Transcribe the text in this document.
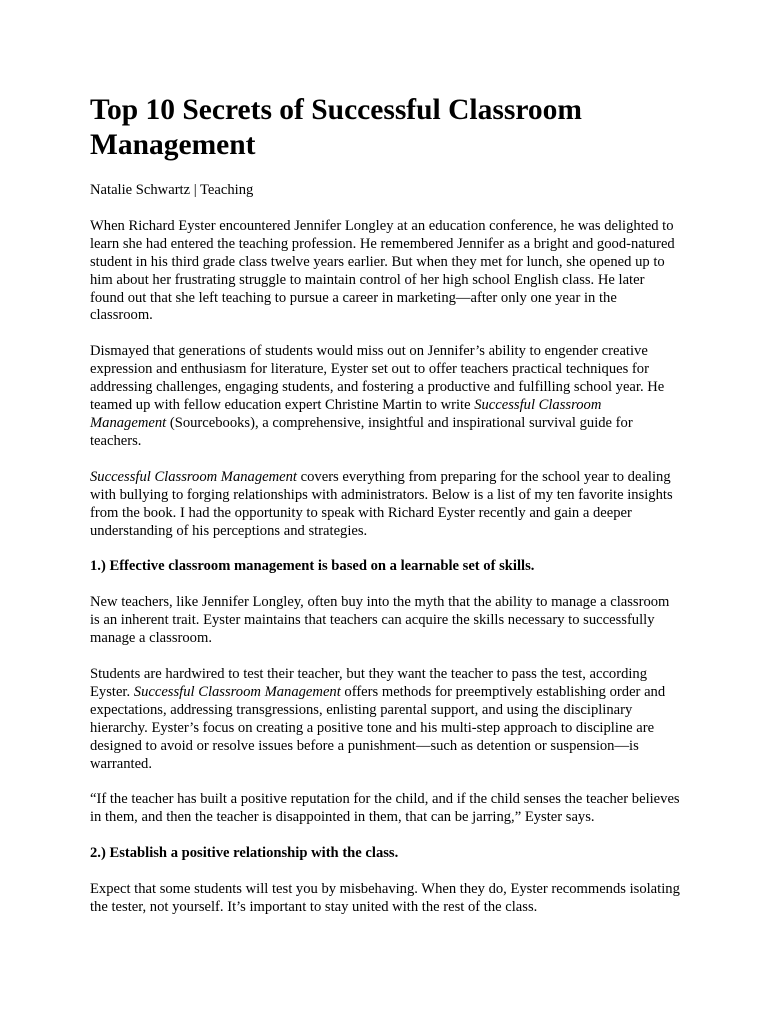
Top 10 Secrets of Successful Classroom Management

Natalie Schwartz | Teaching

When Richard Eyster encountered Jennifer Longley at an education conference, he was delighted to learn she had entered the teaching profession. He remembered Jennifer as a bright and good-natured student in his third grade class twelve years earlier. But when they met for lunch, she opened up to him about her frustrating struggle to maintain control of her high school English class. He later found out that she left teaching to pursue a career in marketing—after only one year in the classroom.

Dismayed that generations of students would miss out on Jennifer’s ability to engender creative expression and enthusiasm for literature, Eyster set out to offer teachers practical techniques for addressing challenges, engaging students, and fostering a productive and fulfilling school year. He teamed up with fellow education expert Christine Martin to write Successful Classroom Management (Sourcebooks), a comprehensive, insightful and inspirational survival guide for teachers.

Successful Classroom Management covers everything from preparing for the school year to dealing with bullying to forging relationships with administrators. Below is a list of my ten favorite insights from the book. I had the opportunity to speak with Richard Eyster recently and gain a deeper understanding of his perceptions and strategies.

1.) Effective classroom management is based on a learnable set of skills.

New teachers, like Jennifer Longley, often buy into the myth that the ability to manage a classroom is an inherent trait. Eyster maintains that teachers can acquire the skills necessary to successfully manage a classroom.

Students are hardwired to test their teacher, but they want the teacher to pass the test, according Eyster. Successful Classroom Management offers methods for preemptively establishing order and expectations, addressing transgressions, enlisting parental support, and using the disciplinary hierarchy. Eyster’s focus on creating a positive tone and his multi-step approach to discipline are designed to avoid or resolve issues before a punishment—such as detention or suspension—is warranted.

“If the teacher has built a positive reputation for the child, and if the child senses the teacher believes in them, and then the teacher is disappointed in them, that can be jarring,” Eyster says.

2.) Establish a positive relationship with the class.

Expect that some students will test you by misbehaving. When they do, Eyster recommends isolating the tester, not yourself. It’s important to stay united with the rest of the class.
